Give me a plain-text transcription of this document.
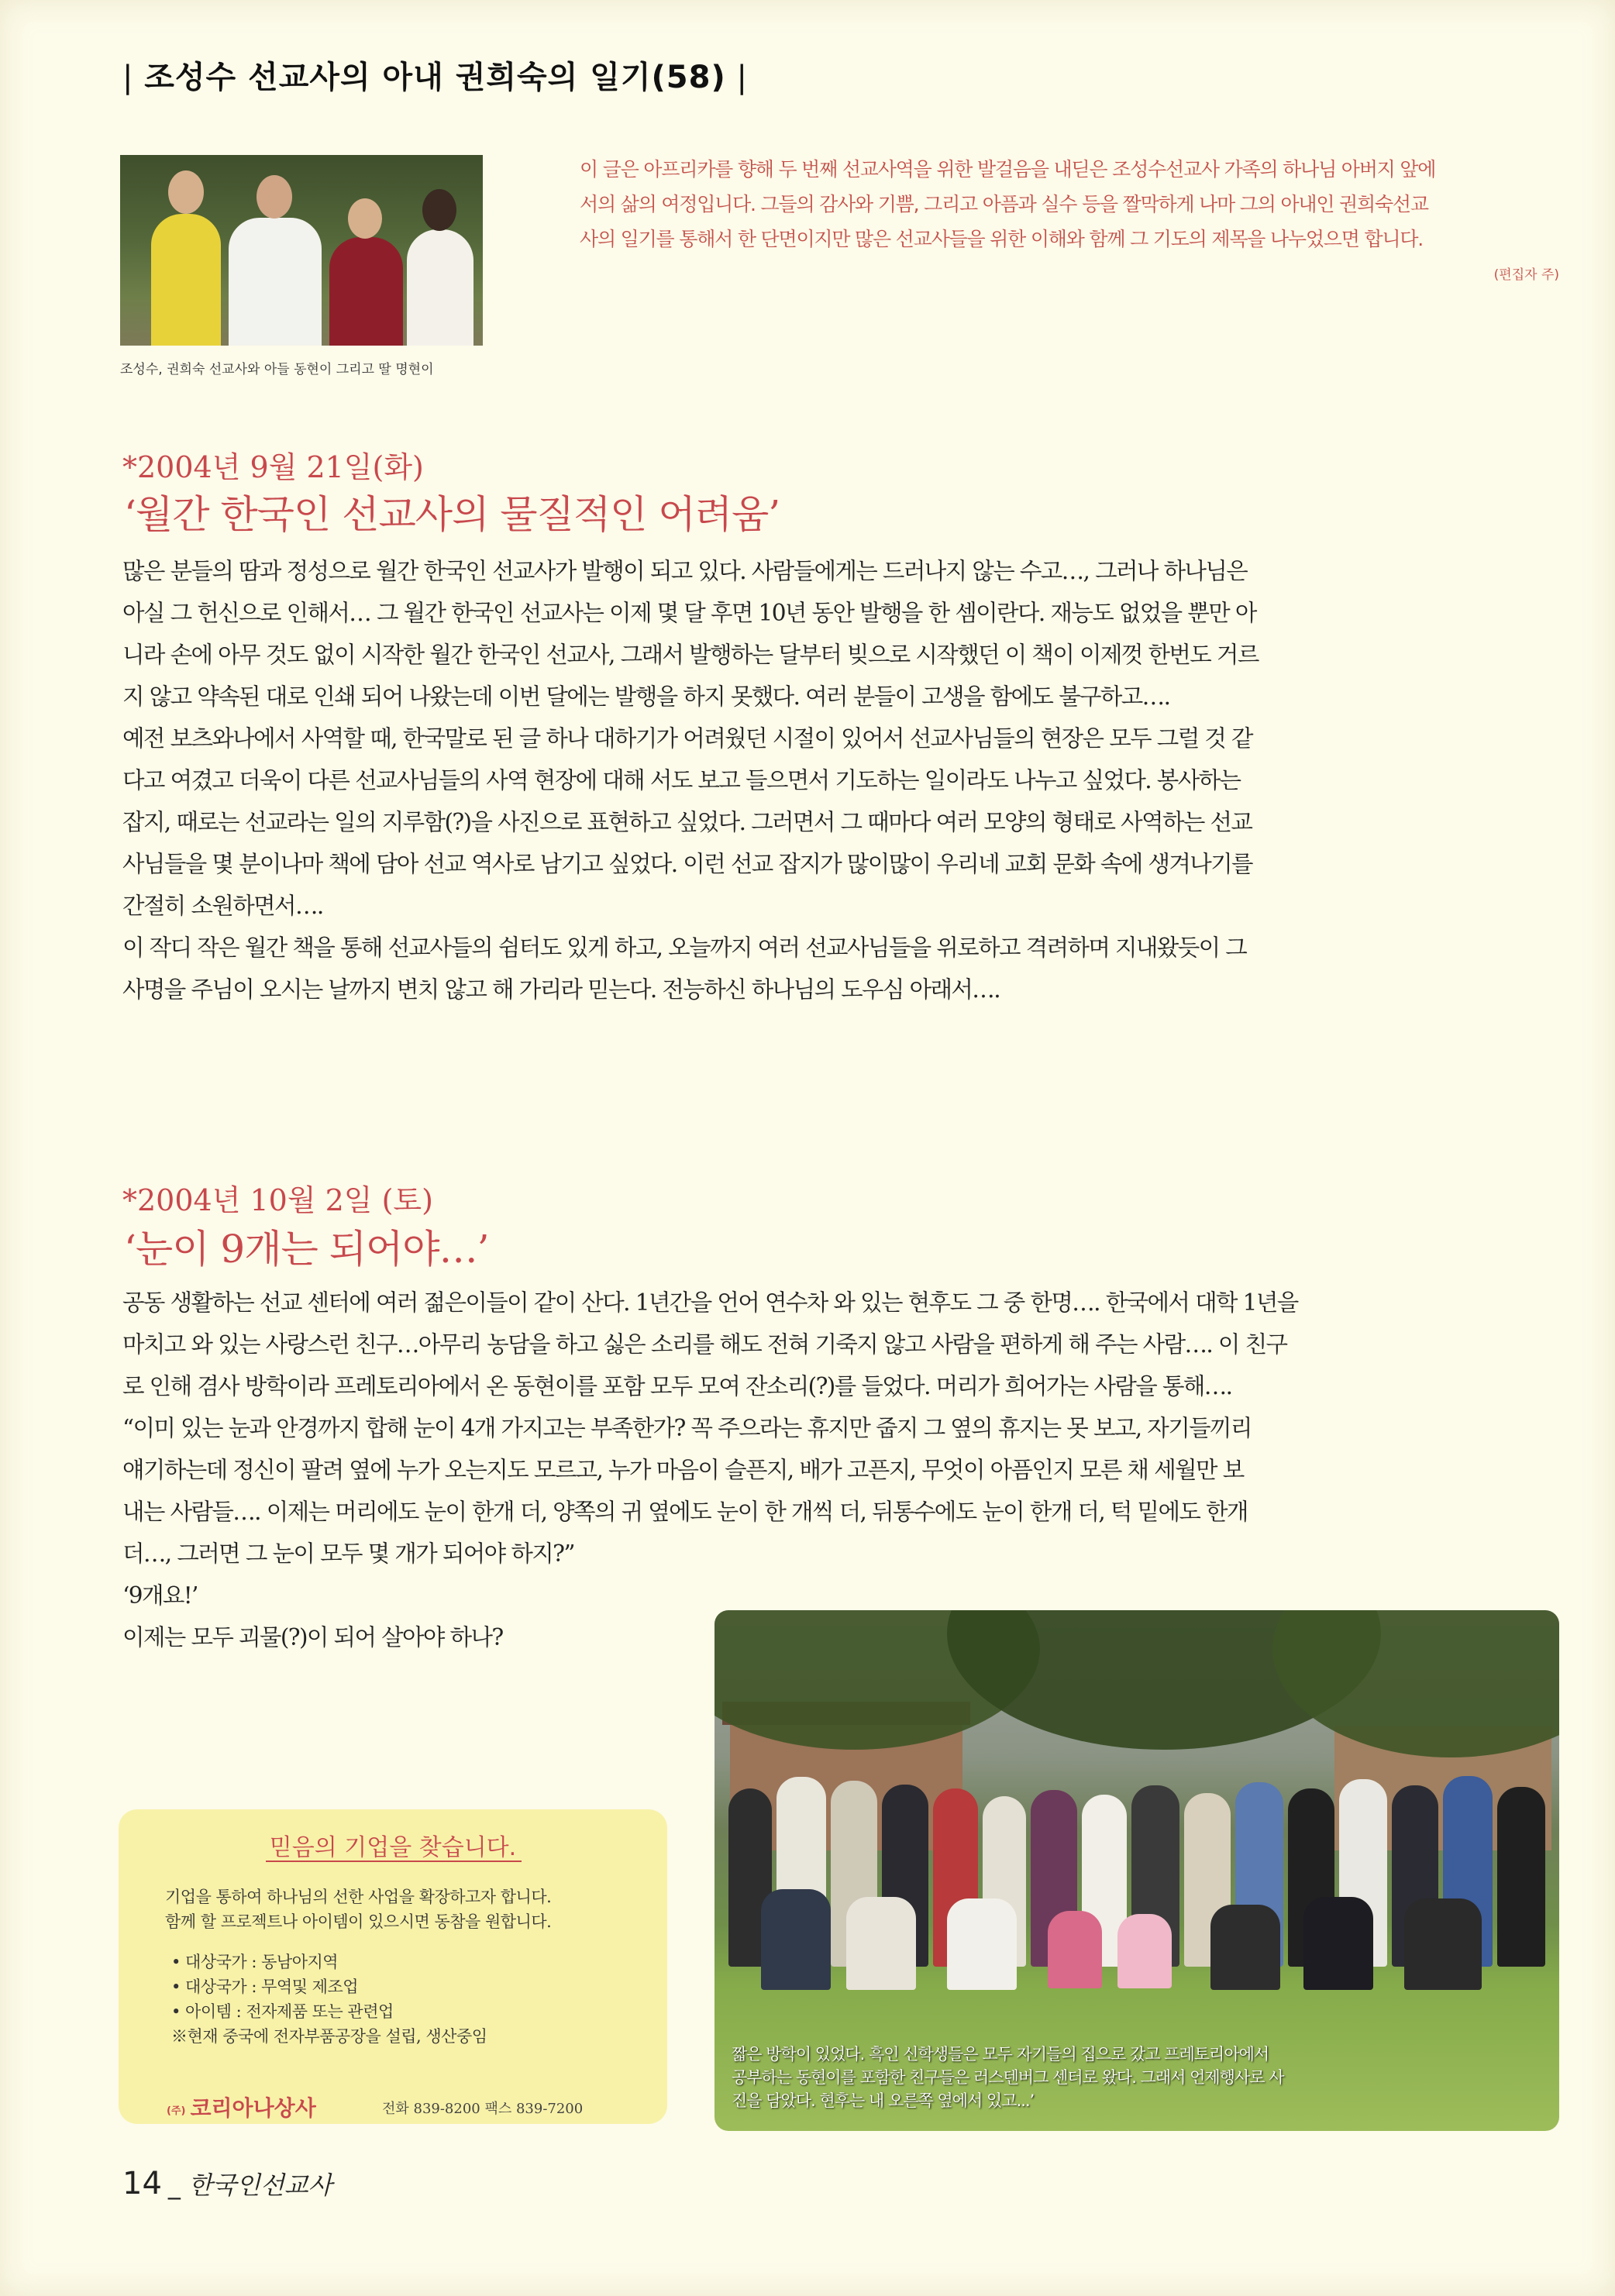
| 조성수 선교사의 아내 권희숙의 일기(58) |
조성수, 권희숙 선교사와 아들 동현이 그리고 딸 명현이
이 글은 아프리카를 향해 두 번째 선교사역을 위한 발걸음을 내딛은 조성수선교사 가족의 하나님 아버지 앞에
서의 삶의 여정입니다. 그들의 감사와 기쁨, 그리고 아픔과 실수 등을 짤막하게 나마 그의 아내인 권희숙선교
사의 일기를 통해서 한 단면이지만 많은 선교사들을 위한 이해와 함께 그 기도의 제목을 나누었으면 합니다.
(편집자 주)
*2004년 9월 21일(화)
‘월간 한국인 선교사의 물질적인 어려움’
많은 분들의 땀과 정성으로 월간 한국인 선교사가 발행이 되고 있다. 사람들에게는 드러나지 않는 수고…, 그러나 하나님은
아실 그 헌신으로 인해서… 그 월간 한국인 선교사는 이제 몇 달 후면 10년 동안 발행을 한 셈이란다. 재능도 없었을 뿐만 아
니라 손에 아무 것도 없이 시작한 월간 한국인 선교사, 그래서 발행하는 달부터 빚으로 시작했던 이 책이 이제껏 한번도 거르
지 않고 약속된 대로 인쇄 되어 나왔는데 이번 달에는 발행을 하지 못했다. 여러 분들이 고생을 함에도 불구하고….
예전 보츠와나에서 사역할 때, 한국말로 된 글 하나 대하기가 어려웠던 시절이 있어서 선교사님들의 현장은 모두 그럴 것 같
다고 여겼고 더욱이 다른 선교사님들의 사역 현장에 대해 서도 보고 들으면서 기도하는 일이라도 나누고 싶었다. 봉사하는
잡지, 때로는 선교라는 일의 지루함(?)을 사진으로 표현하고 싶었다. 그러면서 그 때마다 여러 모양의 형태로 사역하는 선교
사님들을 몇 분이나마 책에 담아 선교 역사로 남기고 싶었다. 이런 선교 잡지가 많이많이 우리네 교회 문화 속에 생겨나기를
간절히 소원하면서….
이 작디 작은 월간 책을 통해 선교사들의 쉼터도 있게 하고, 오늘까지 여러 선교사님들을 위로하고 격려하며 지내왔듯이 그
사명을 주님이 오시는 날까지 변치 않고 해 가리라 믿는다. 전능하신 하나님의 도우심 아래서….
*2004년 10월 2일 (토)
‘눈이 9개는 되어야…’
공동 생활하는 선교 센터에 여러 젊은이들이 같이 산다. 1년간을 언어 연수차 와 있는 현후도 그 중 한명…. 한국에서 대학 1년을
마치고 와 있는 사랑스런 친구…아무리 농담을 하고 싫은 소리를 해도 전혀 기죽지 않고 사람을 편하게 해 주는 사람…. 이 친구
로 인해 겸사 방학이라 프레토리아에서 온 동현이를 포함 모두 모여 잔소리(?)를 들었다. 머리가 희어가는 사람을 통해….
“이미 있는 눈과 안경까지 합해 눈이 4개 가지고는 부족한가? 꼭 주으라는 휴지만 줍지 그 옆의 휴지는 못 보고, 자기들끼리
얘기하는데 정신이 팔려 옆에 누가 오는지도 모르고, 누가 마음이 슬픈지, 배가 고픈지, 무엇이 아픔인지 모른 채 세월만 보
내는 사람들…. 이제는 머리에도 눈이 한개 더, 양쪽의 귀 옆에도 눈이 한 개씩 더, 뒤통수에도 눈이 한개 더, 턱 밑에도 한개
더…, 그러면 그 눈이 모두 몇 개가 되어야 하지?”
‘9개요!’
이제는 모두 괴물(?)이 되어 살아야 하나?
믿음의 기업을 찾습니다.
기업을 통하여 하나님의 선한 사업을 확장하고자 합니다.
함께 할 프로젝트나 아이템이 있으시면 동참을 원합니다.
• 대상국가 : 동남아지역
• 대상국가 : 무역및 제조업
• 아이템 : 전자제품 또는 관련업
※현재 중국에 전자부품공장을 설립, 생산중임
(주) 코리아나상사	전화 839-8200 팩스 839-7200
짧은 방학이 있었다. 흑인 신학생들은 모두 자기들의 집으로 갔고 프레토리아에서
공부하는 동현이를 포함한 친구들은 러스텐버그 센터로 왔다. 그래서 언제행사로 사
진을 담았다. 현후는 내 오른쪽 옆에서 있고...’
14 _ 한국인선교사
